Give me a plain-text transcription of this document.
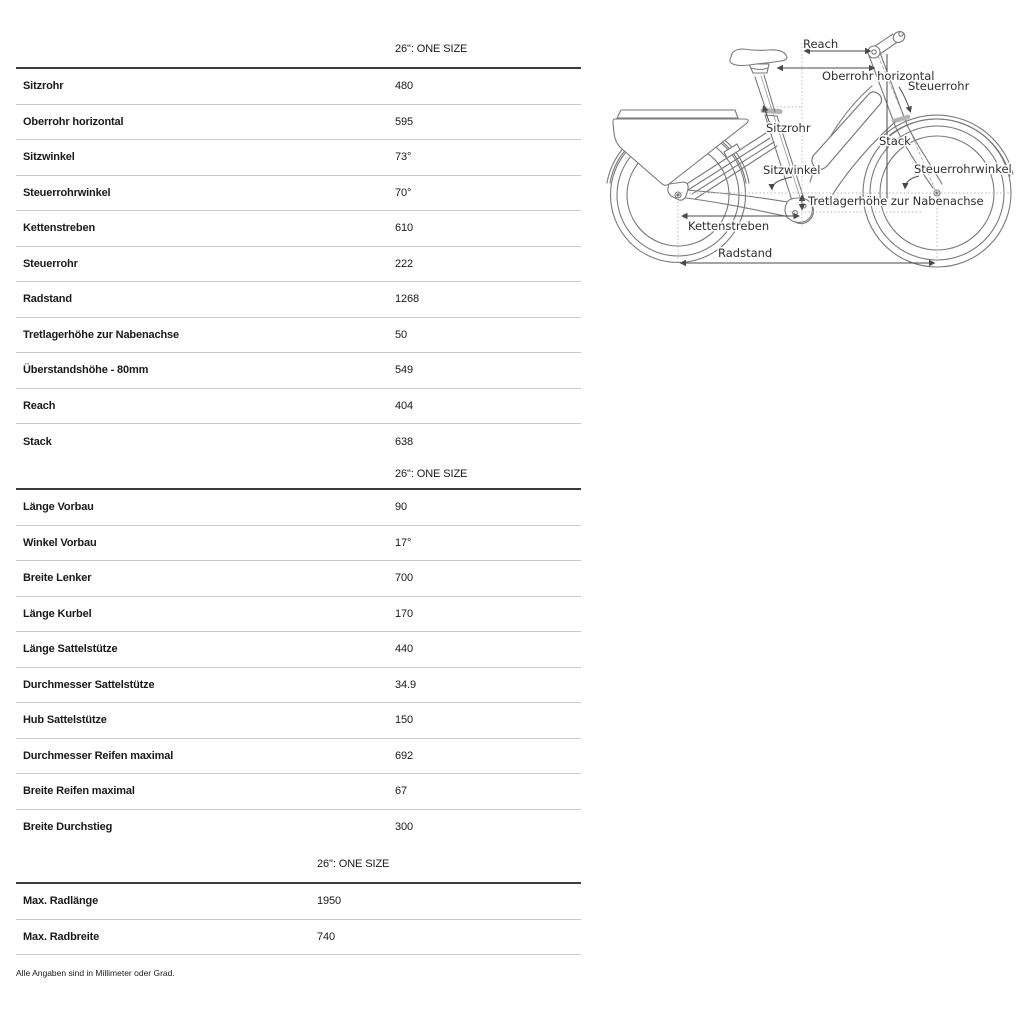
26": ONE SIZE
Sitzrohr	480
Oberrohr horizontal	595
Sitzwinkel	73°
Steuerrohrwinkel	70°
Kettenstreben	610
Steuerrohr	222
Radstand	1268
Tretlagerhöhe zur Nabenachse	50
Überstandshöhe - 80mm	549
Reach	404
Stack	638
26": ONE SIZE
Länge Vorbau	90
Winkel Vorbau	17°
Breite Lenker	700
Länge Kurbel	170
Länge Sattelstütze	440
Durchmesser Sattelstütze	34.9
Hub Sattelstütze	150
Durchmesser Reifen maximal	692
Breite Reifen maximal	67
Breite Durchstieg	300
26": ONE SIZE
Max. Radlänge	1950
Max. Radbreite	740
Alle Angaben sind in Millimeter oder Grad.
Reach
Oberrohr horizontal
Steuerrohr
Sitzrohr
Stack
Sitzwinkel	Steuerrohrwinkel
Tretlagerhöhe zur Nabenachse
Kettenstreben
Radstand
